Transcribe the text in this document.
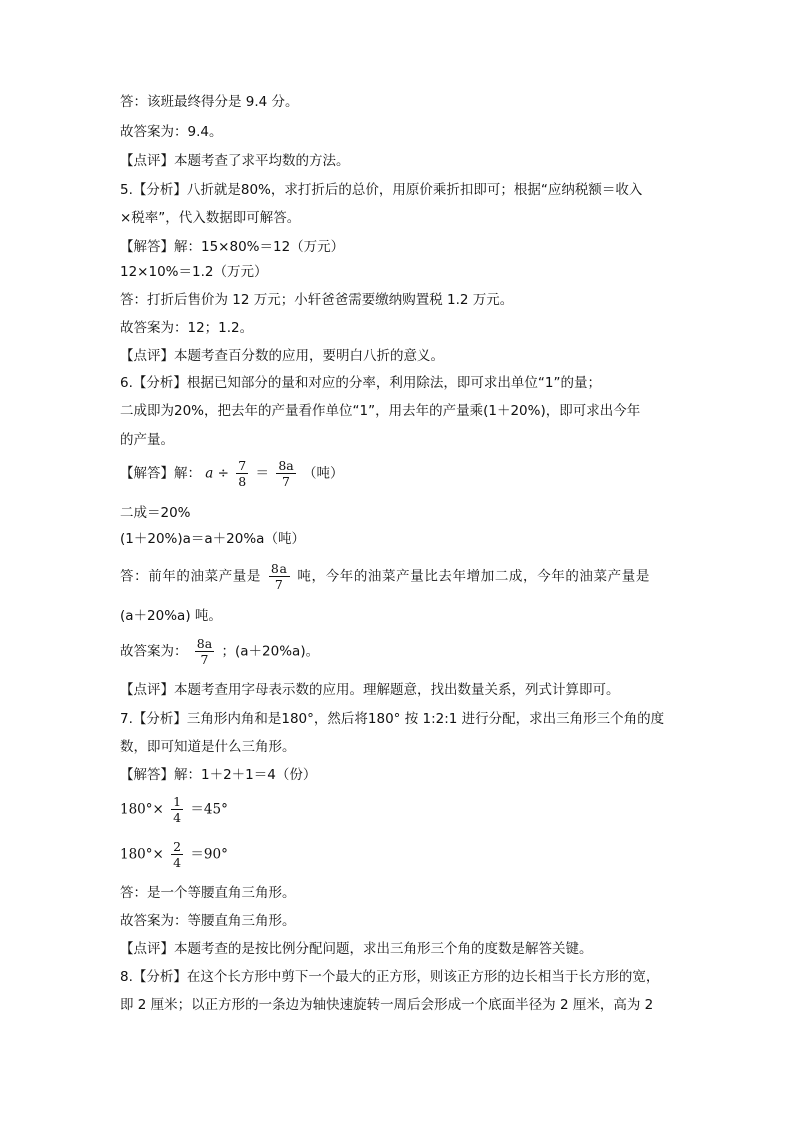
【解答】解： $a \div \frac{7}{8} = \frac{8a}{7}$ （吨）
答：前年的油菜产量是 $\frac{8a}{7}$ 吨，今年的油菜产量比去年增加二成，今年的油菜产量是
故答案为： $\frac{8a}{7}$ ；(a＋20%a)。
$180^\circ\times \frac{1}{4} =45^\circ$
$180^\circ\times \frac{2}{4} =90^\circ$
答：该班最终得分是 9.4 分。
故答案为：9.4。
【点评】本题考查了求平均数的方法。
5.【分析】八折就是80%，求打折后的总价，用原价乘折扣即可；根据“应纳税额＝收入
×税率”，代入数据即可解答。
【解答】解：15×80%＝12（万元）
12×10%＝1.2（万元）
答：打折后售价为 12 万元；小轩爸爸需要缴纳购置税 1.2 万元。
故答案为：12；1.2。
【点评】本题考查百分数的应用，要明白八折的意义。
6.【分析】根据已知部分的量和对应的分率，利用除法，即可求出单位“1”的量；
二成即为20%，把去年的产量看作单位“1”，用去年的产量乘(1＋20%)，即可求出今年
的产量。
二成＝20%
(1＋20%)a＝a＋20%a（吨）
(a＋20%a) 吨。
【点评】本题考查用字母表示数的应用。理解题意，找出数量关系，列式计算即可。
7.【分析】三角形内角和是180°，然后将180° 按 1:2:1 进行分配，求出三角形三个角的度
数，即可知道是什么三角形。
【解答】解：1＋2＋1＝4（份）
答：是一个等腰直角三角形。
故答案为：等腰直角三角形。
【点评】本题考查的是按比例分配问题，求出三角形三个角的度数是解答关键。
8.【分析】在这个长方形中剪下一个最大的正方形，则该正方形的边长相当于长方形的宽，
即 2 厘米；以正方形的一条边为轴快速旋转一周后会形成一个底面半径为 2 厘米，高为 2
